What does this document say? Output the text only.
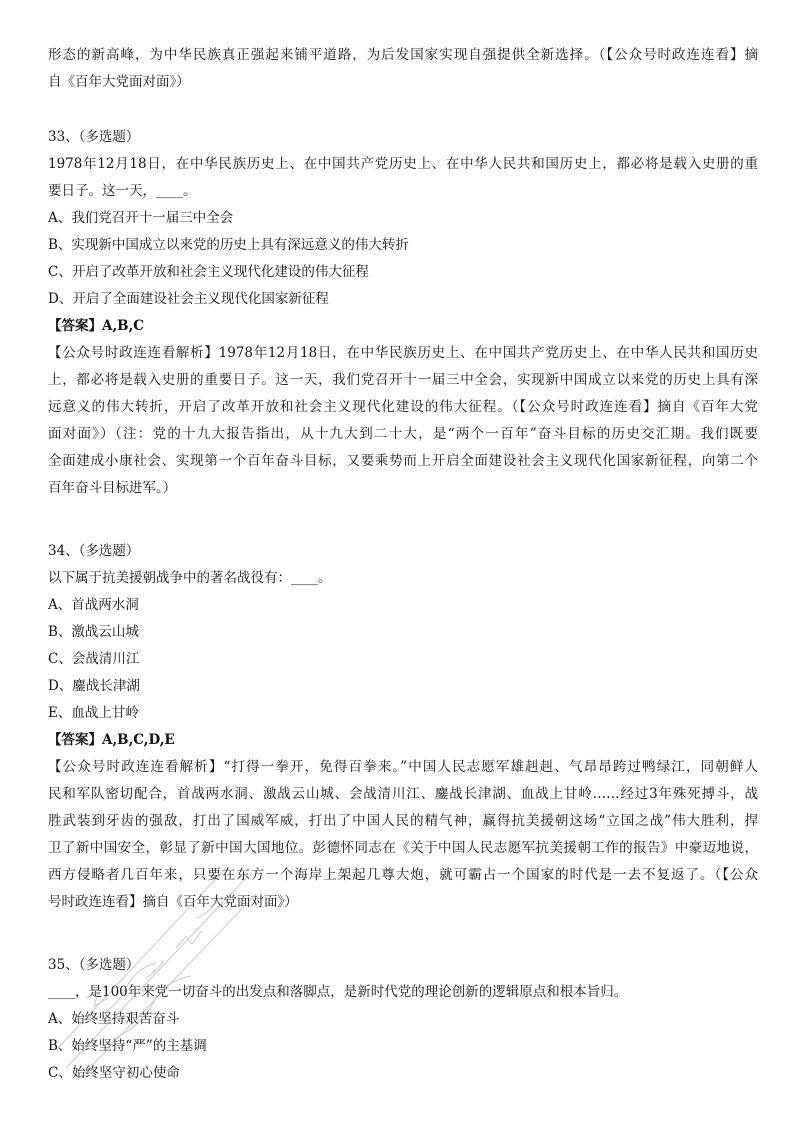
形态的新高峰，为中华民族真正强起来铺平道路，为后发国家实现自强提供全新选择。（【公众号时政连连看】摘
自《百年大党面对面》）
33、（多选题）
1978年12月18日，在中华民族历史上、在中国共产党历史上、在中华人民共和国历史上，都必将是载入史册的重
要日子。这一天，____。
A、我们党召开十一届三中全会
B、实现新中国成立以来党的历史上具有深远意义的伟大转折
C、开启了改革开放和社会主义现代化建设的伟大征程
D、开启了全面建设社会主义现代化国家新征程
【答案】A,B,C
【公众号时政连连看解析】1978年12月18日，在中华民族历史上、在中国共产党历史上、在中华人民共和国历史
上，都必将是载入史册的重要日子。这一天，我们党召开十一届三中全会，实现新中国成立以来党的历史上具有深
远意义的伟大转折，开启了改革开放和社会主义现代化建设的伟大征程。（【公众号时政连连看】摘自《百年大党
面对面》）（注：党的十九大报告指出，从十九大到二十大，是“两个一百年”奋斗目标的历史交汇期。我们既要
全面建成小康社会、实现第一个百年奋斗目标，又要乘势而上开启全面建设社会主义现代化国家新征程，向第二个
百年奋斗目标进军。）
34、（多选题）
以下属于抗美援朝战争中的著名战役有：____。
A、首战两水洞
B、激战云山城
C、会战清川江
D、鏖战长津湖
E、血战上甘岭
【答案】A,B,C,D,E
【公众号时政连连看解析】“打得一拳开，免得百拳来。”中国人民志愿军雄赳赳、气昂昂跨过鸭绿江，同朝鲜人
民和军队密切配合，首战两水洞、激战云山城、会战清川江、鏖战长津湖、血战上甘岭……经过3年殊死搏斗，战
胜武装到牙齿的强敌，打出了国威军威，打出了中国人民的精气神，赢得抗美援朝这场“立国之战”伟大胜利，捍
卫了新中国安全，彰显了新中国大国地位。彭德怀同志在《关于中国人民志愿军抗美援朝工作的报告》中豪迈地说，
西方侵略者几百年来，只要在东方一个海岸上架起几尊大炮，就可霸占一个国家的时代是一去不复返了。（【公众
号时政连连看】摘自《百年大党面对面》）
35、（多选题）
____，是100年来党一切奋斗的出发点和落脚点，是新时代党的理论创新的逻辑原点和根本旨归。
A、始终坚持艰苦奋斗
B、始终坚持“严”的主基调
C、始终坚守初心使命
